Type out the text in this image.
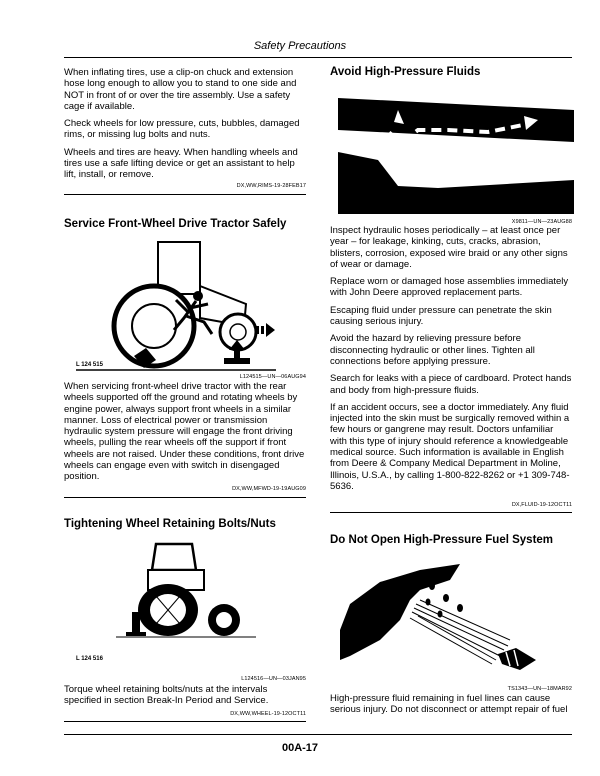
Safety Precautions

When inflating tires, use a clip-on chuck and extension hose long enough to allow you to stand to one side and NOT in front of or over the tire assembly. Use a safety cage if available.

Check wheels for low pressure, cuts, bubbles, damaged rims, or missing lug bolts and nuts.

Wheels and tires are heavy. When handling wheels and tires use a safe lifting device or get an assistant to help lift, install, or remove.

DX,WW,RIMS-19-28FEB17
Service Front-Wheel Drive Tractor Safely
L 124 515
L124515—UN—06AUG94

When servicing front-wheel drive tractor with the rear wheels supported off the ground and rotating wheels by engine power, always support front wheels in a similar manner. Loss of electrical power or transmission hydraulic system pressure will engage the front driving wheels, pulling the rear wheels off the support if front wheels are not raised. Under these conditions, front drive wheels can engage even with switch in disengaged position.

DX,WW,MFWD-19-19AUG09
Tightening Wheel Retaining Bolts/Nuts
L 124 516
L124516—UN—03JAN95

Torque wheel retaining bolts/nuts at the intervals specified in section Break-In Period and Service.

DX,WW,WHEEL-19-12OCT11
Avoid High-Pressure Fluids
X9811—UN—23AUG88

Inspect hydraulic hoses periodically – at least once per year – for leakage, kinking, cuts, cracks, abrasion, blisters, corrosion, exposed wire braid or any other signs of wear or damage.

Replace worn or damaged hose assemblies immediately with John Deere approved replacement parts.

Escaping fluid under pressure can penetrate the skin causing serious injury.

Avoid the hazard by relieving pressure before disconnecting hydraulic or other lines. Tighten all connections before applying pressure.

Search for leaks with a piece of cardboard. Protect hands and body from high-pressure fluids.

If an accident occurs, see a doctor immediately. Any fluid injected into the skin must be surgically removed within a few hours or gangrene may result. Doctors unfamiliar with this type of injury should reference a knowledgeable medical source. Such information is available in English from Deere & Company Medical Department in Moline, Illinois, U.S.A., by calling 1-800-822-8262 or +1 309-748-5636.

DX,FLUID-19-12OCT11
Do Not Open High-Pressure Fuel System
TS1343—UN—18MAR92

High-pressure fluid remaining in fuel lines can cause serious injury. Do not disconnect or attempt repair of fuel

00A-17
